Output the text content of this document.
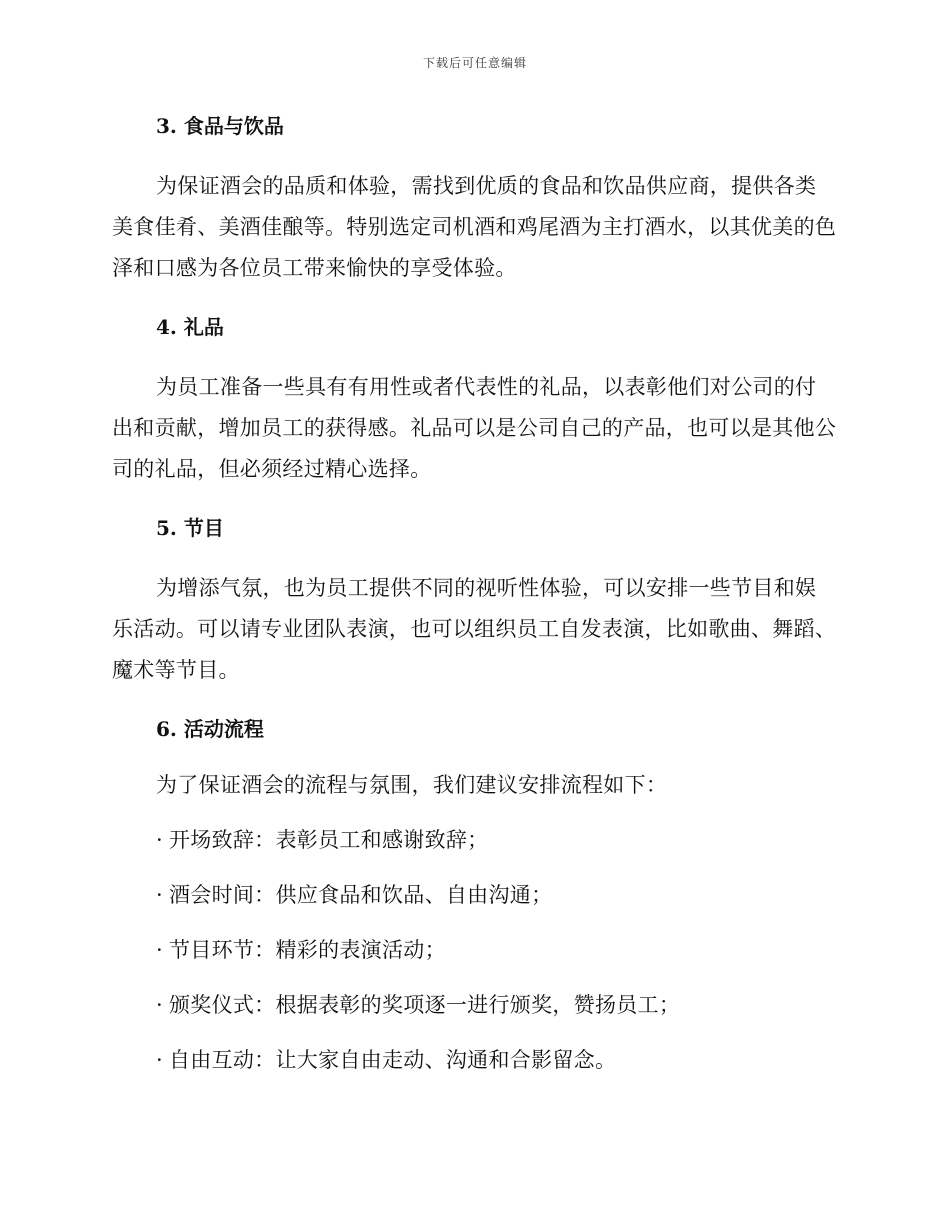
下载后可任意编辑
3. 食品与饮品

为保证酒会的品质和体验，需找到优质的食品和饮品供应商，提供各类美食佳肴、美酒佳酿等。特别选定司机酒和鸡尾酒为主打酒水，以其优美的色泽和口感为各位员工带来愉快的享受体验。

4. 礼品

为员工准备一些具有有用性或者代表性的礼品，以表彰他们对公司的付出和贡献，增加员工的获得感。礼品可以是公司自己的产品，也可以是其他公司的礼品，但必须经过精心选择。

5. 节目

为增添气氛，也为员工提供不同的视听性体验，可以安排一些节目和娱乐活动。可以请专业团队表演，也可以组织员工自发表演，比如歌曲、舞蹈、魔术等节目。

6. 活动流程

为了保证酒会的流程与氛围，我们建议安排流程如下：

· 开场致辞：表彰员工和感谢致辞；
· 酒会时间：供应食品和饮品、自由沟通；
· 节目环节：精彩的表演活动；
· 颁奖仪式：根据表彰的奖项逐一进行颁奖，赞扬员工；
· 自由互动：让大家自由走动、沟通和合影留念。
